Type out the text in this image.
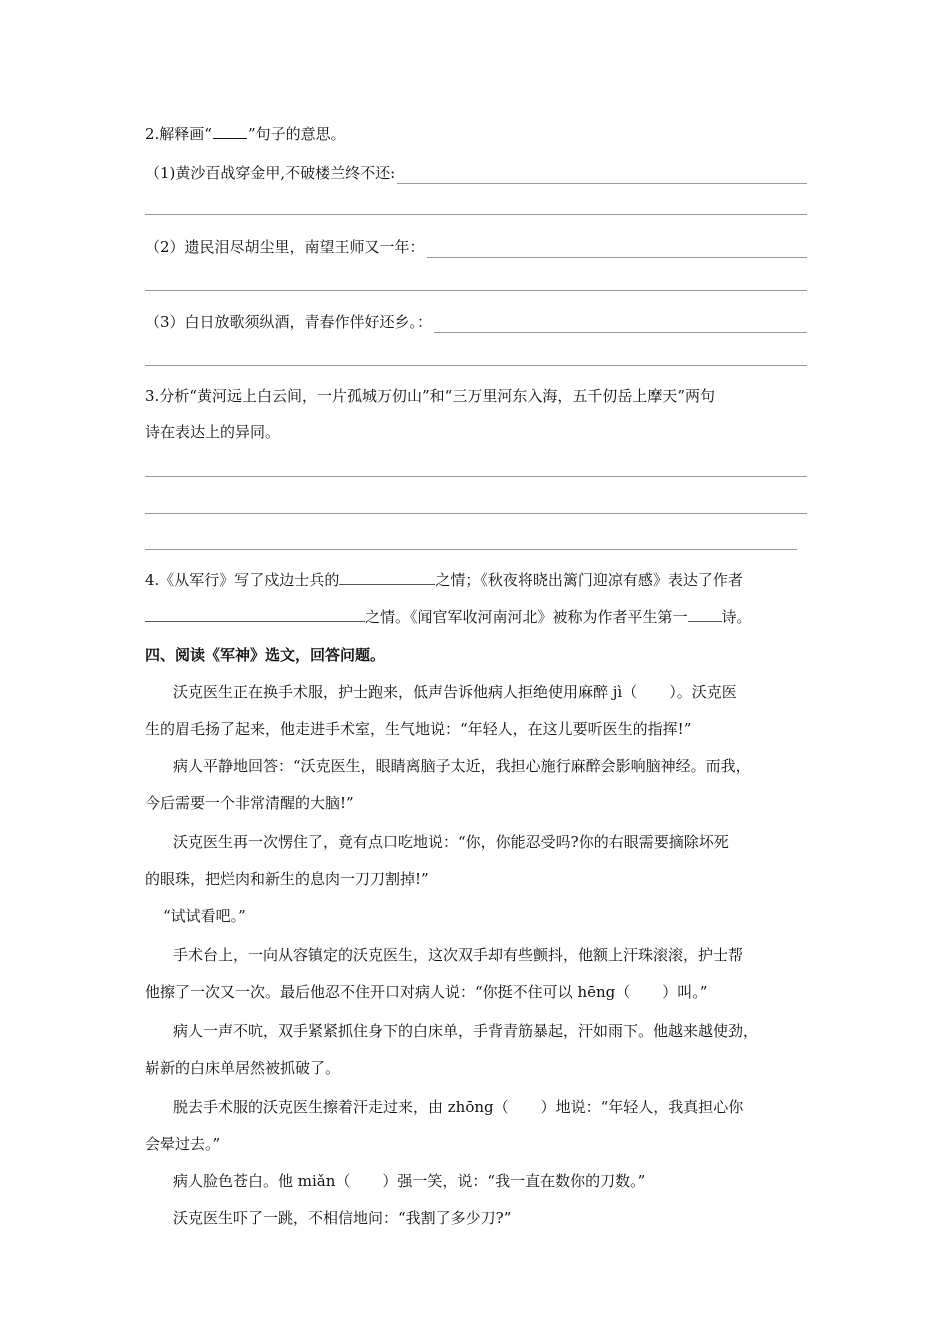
2.解释画“ ”句子的意思。
（1)黄沙百战穿金甲,不破楼兰终不还:
（2）遗民泪尽胡尘里，南望王师又一年：
（3）白日放歌须纵酒，青春作伴好还乡。：
3.分析“黄河远上白云间，一片孤城万仞山”和“三万里河东入海，五千仞岳上摩天”两句
诗在表达上的异同。
4.《从军行》写了戍边士兵的	之情；《秋夜将晓出篱门迎凉有感》表达了作者
之情。《闻官军收河南河北》被称为作者平生第一 诗。
四、阅读《军神》选文，回答问题。
沃克医生正在换手术服，护士跑来，低声告诉他病人拒绝使用麻醉 jì（ ）。沃克医
生的眉毛扬了起来，他走进手术室，生气地说：“年轻人，在这儿要听医生的指挥!”
病人平静地回答：“沃克医生，眼睛离脑子太近，我担心施行麻醉会影响脑神经。而我，
今后需要一个非常清醒的大脑!”
沃克医生再一次愣住了，竟有点口吃地说：“你，你能忍受吗?你的右眼需要摘除坏死
的眼珠，把烂肉和新生的息肉一刀刀割掉!”
“试试看吧。”
手术台上，一向从容镇定的沃克医生，这次双手却有些颤抖，他额上汗珠滚滚，护士帮
他擦了一次又一次。最后他忍不住开口对病人说：“你挺不住可以 hēng（ ）叫。”
病人一声不吭，双手紧紧抓住身下的白床单，手背青筋暴起，汗如雨下。他越来越使劲，
崭新的白床单居然被抓破了。
脱去手术服的沃克医生擦着汗走过来，由 zhōng（ ）地说：“年轻人，我真担心你
会晕过去。”
病人脸色苍白。他 miǎn（ ）强一笑，说：“我一直在数你的刀数。”
沃克医生吓了一跳，不相信地问：“我割了多少刀?”
